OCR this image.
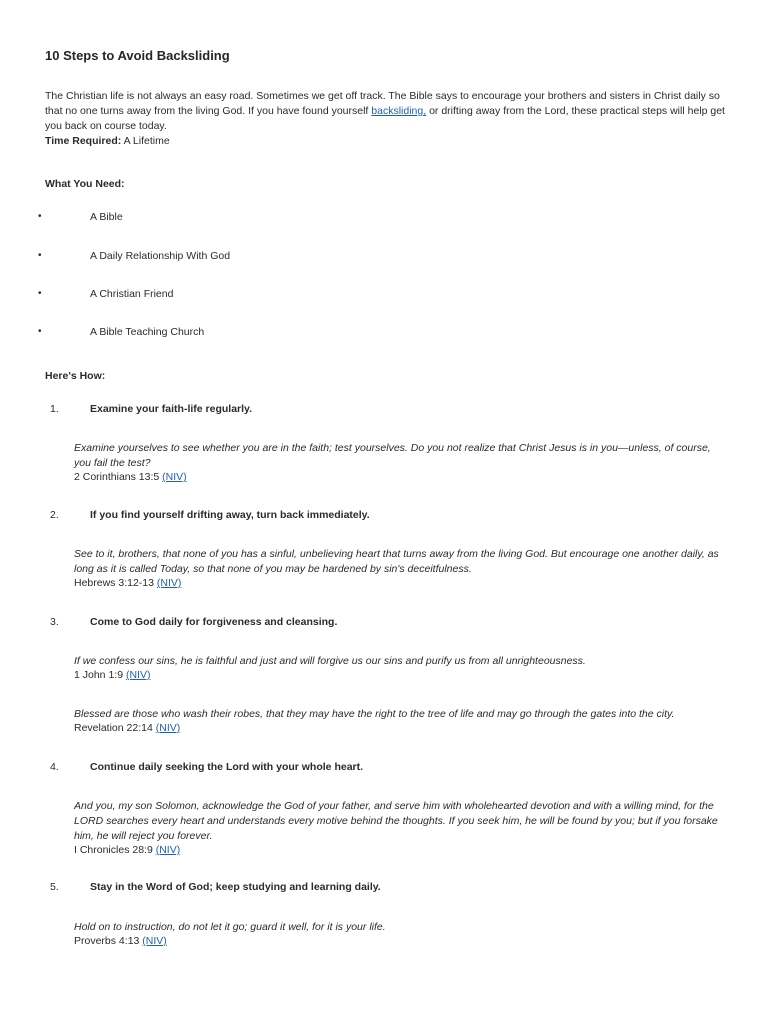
10 Steps to Avoid Backsliding
The Christian life is not always an easy road. Sometimes we get off track. The Bible says to encourage your brothers and sisters in Christ daily so that no one turns away from the living God. If you have found yourself backsliding, or drifting away from the Lord, these practical steps will help get you back on course today.
Time Required: A Lifetime
What You Need:
•	A Bible
•	A Daily Relationship With God
•	A Christian Friend
•	A Bible Teaching Church
Here's How:
1.	Examine your faith-life regularly.
Examine yourselves to see whether you are in the faith; test yourselves. Do you not realize that Christ Jesus is in you—unless, of course, you fail the test?
2 Corinthians 13:5 (NIV)
2.	If you find yourself drifting away, turn back immediately.
See to it, brothers, that none of you has a sinful, unbelieving heart that turns away from the living God. But encourage one another daily, as long as it is called Today, so that none of you may be hardened by sin's deceitfulness.
Hebrews 3:12-13 (NIV)
3.	Come to God daily for forgiveness and cleansing.
If we confess our sins, he is faithful and just and will forgive us our sins and purify us from all unrighteousness.
1 John 1:9 (NIV)
Blessed are those who wash their robes, that they may have the right to the tree of life and may go through the gates into the city.
Revelation 22:14 (NIV)
4.	Continue daily seeking the Lord with your whole heart.
And you, my son Solomon, acknowledge the God of your father, and serve him with wholehearted devotion and with a willing mind, for the LORD searches every heart and understands every motive behind the thoughts. If you seek him, he will be found by you; but if you forsake him, he will reject you forever.
I Chronicles 28:9 (NIV)
5.	Stay in the Word of God; keep studying and learning daily.
Hold on to instruction, do not let it go; guard it well, for it is your life.
Proverbs 4:13 (NIV)
